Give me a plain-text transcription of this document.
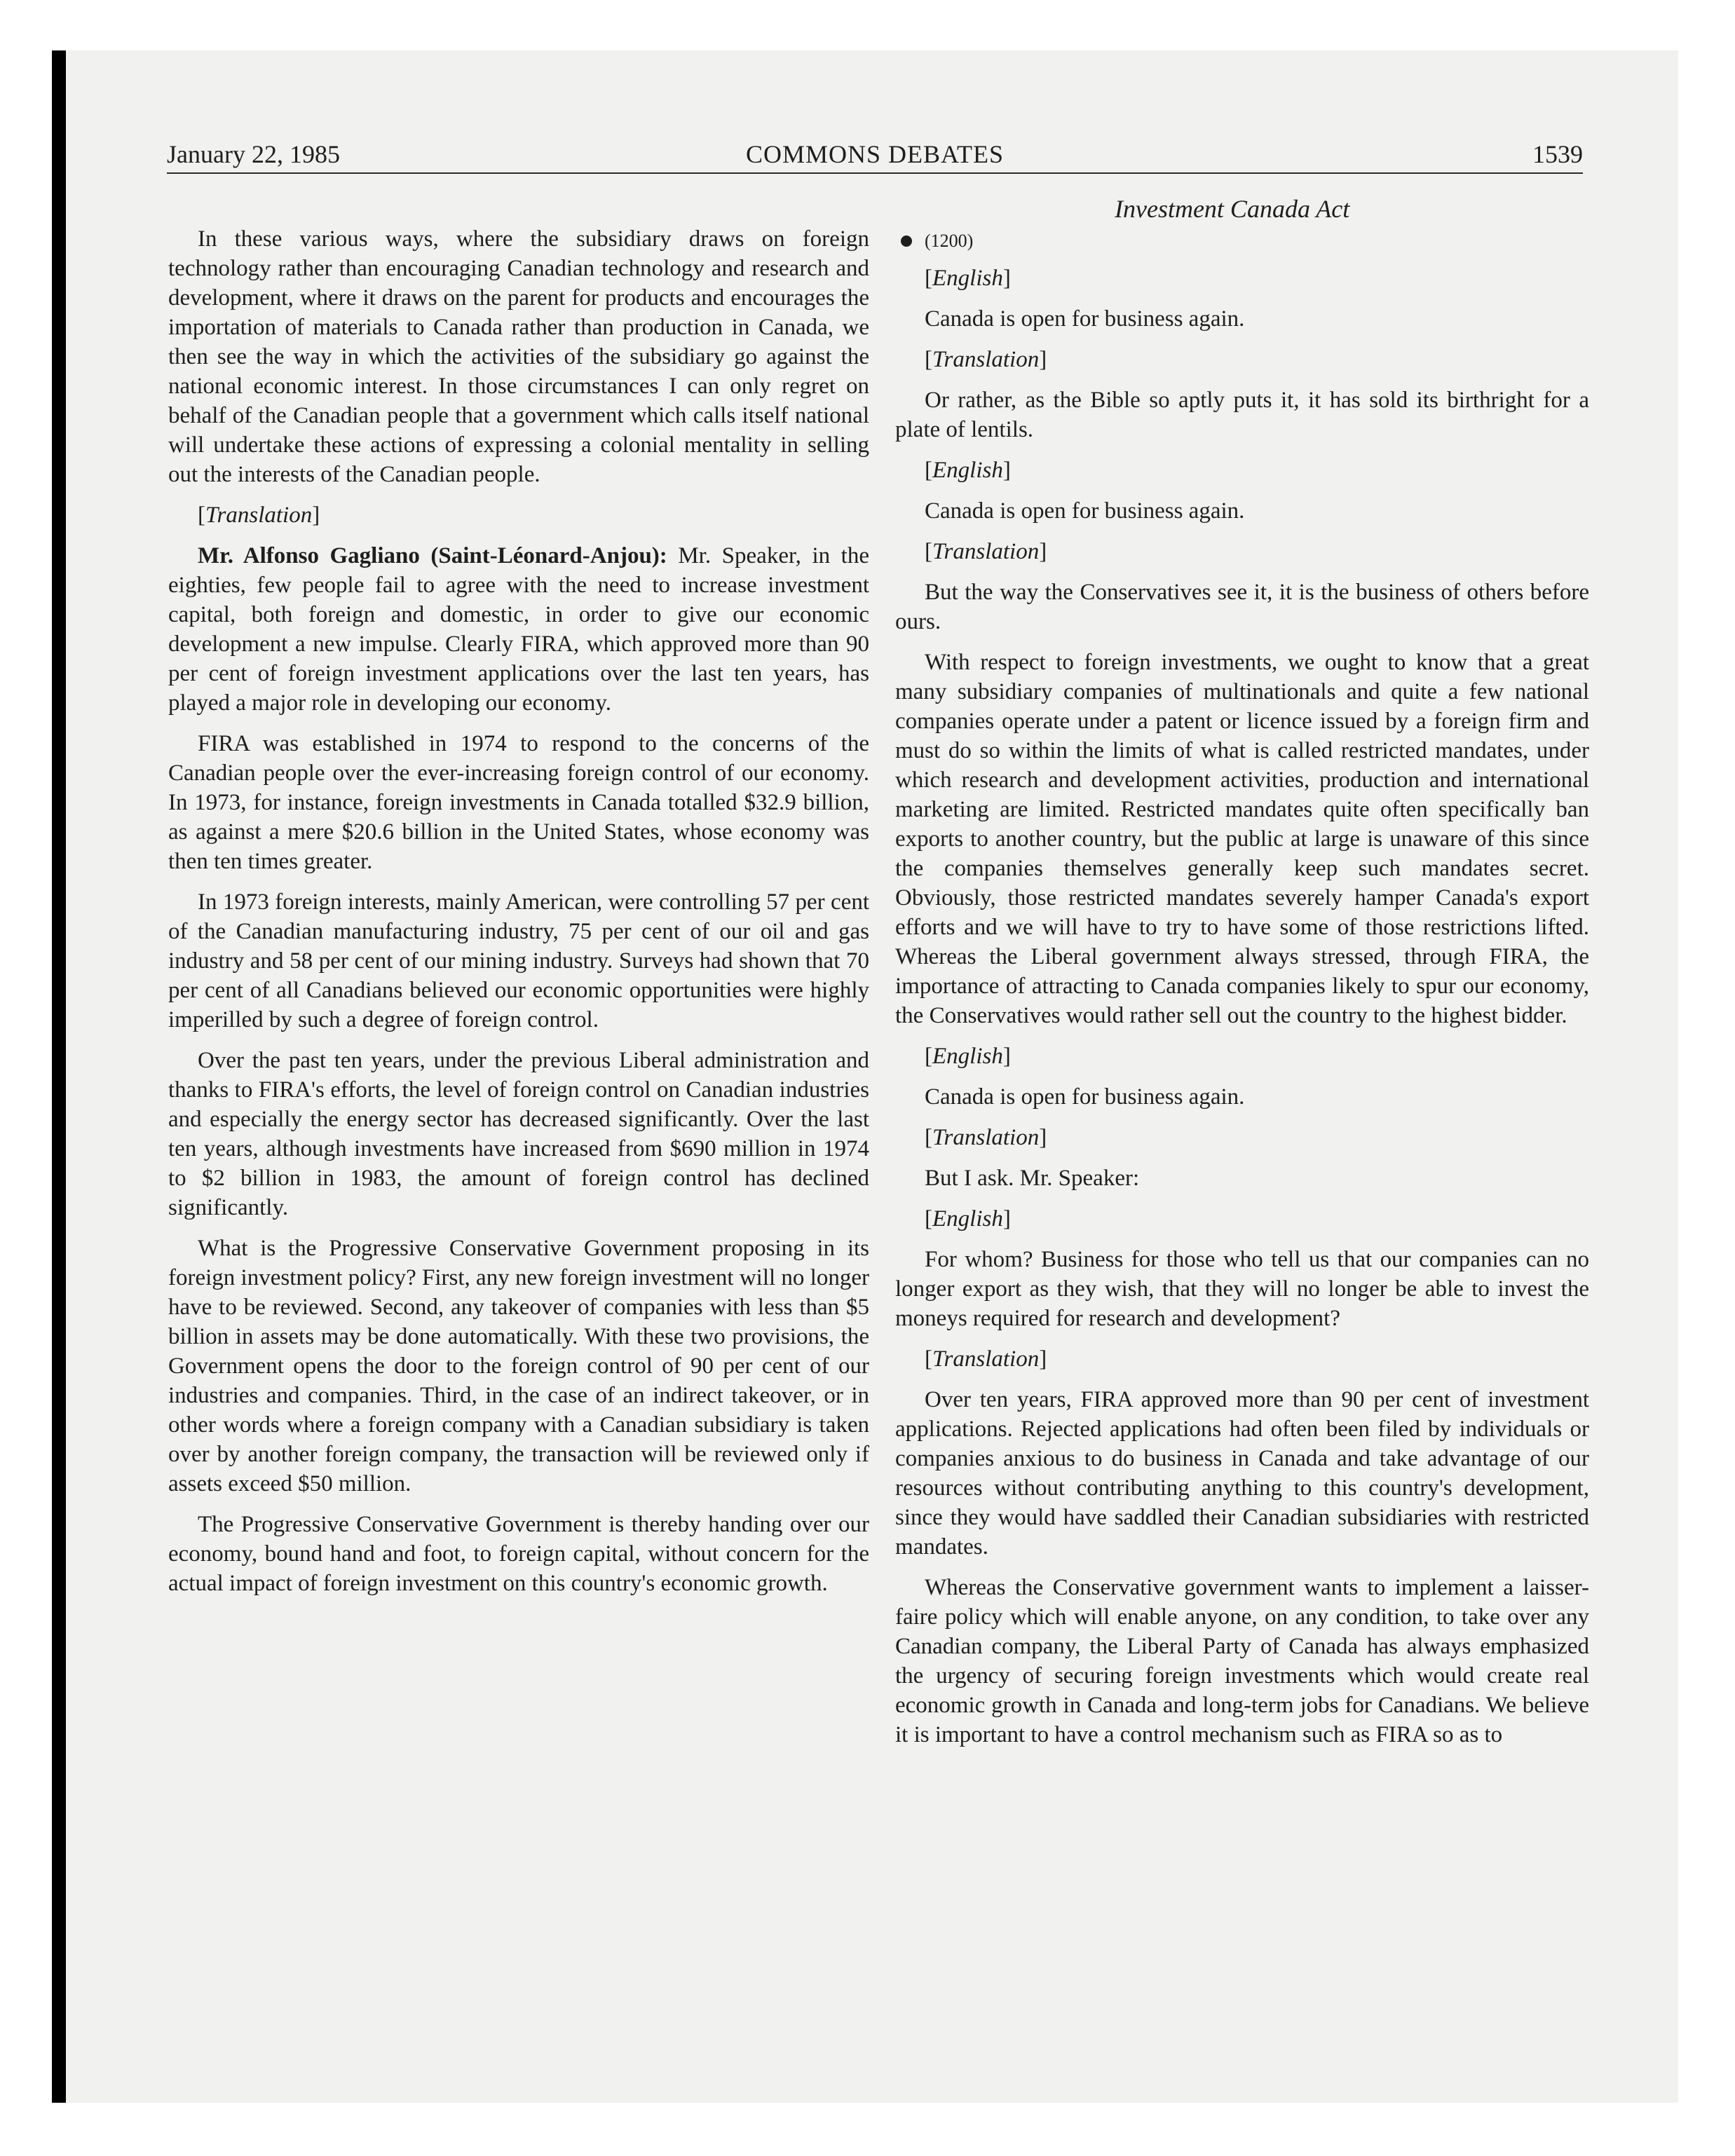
January 22, 1985	COMMONS DEBATES	1539
Investment Canada Act

In these various ways, where the subsidiary draws on foreign technology rather than encouraging Canadian technology and research and development, where it draws on the parent for products and encourages the importation of materials to Canada rather than production in Canada, we then see the way in which the activities of the subsidiary go against the national economic interest. In those circumstances I can only regret on behalf of the Canadian people that a government which calls itself national will undertake these actions of expressing a colonial mentality in selling out the interests of the Canadian people.

[Translation]

Mr. Alfonso Gagliano (Saint-Léonard-Anjou): Mr. Speaker, in the eighties, few people fail to agree with the need to increase investment capital, both foreign and domestic, in order to give our economic development a new impulse. Clearly FIRA, which approved more than 90 per cent of foreign investment applications over the last ten years, has played a major role in developing our economy.

FIRA was established in 1974 to respond to the concerns of the Canadian people over the ever-increasing foreign control of our economy. In 1973, for instance, foreign investments in Canada totalled $32.9 billion, as against a mere $20.6 billion in the United States, whose economy was then ten times greater.

In 1973 foreign interests, mainly American, were controlling 57 per cent of the Canadian manufacturing industry, 75 per cent of our oil and gas industry and 58 per cent of our mining industry. Surveys had shown that 70 per cent of all Canadians believed our economic opportunities were highly imperilled by such a degree of foreign control.

Over the past ten years, under the previous Liberal administration and thanks to FIRA's efforts, the level of foreign control on Canadian industries and especially the energy sector has decreased significantly. Over the last ten years, although investments have increased from $690 million in 1974 to $2 billion in 1983, the amount of foreign control has declined significantly.

What is the Progressive Conservative Government proposing in its foreign investment policy? First, any new foreign investment will no longer have to be reviewed. Second, any takeover of companies with less than $5 billion in assets may be done automatically. With these two provisions, the Government opens the door to the foreign control of 90 per cent of our industries and companies. Third, in the case of an indirect takeover, or in other words where a foreign company with a Canadian subsidiary is taken over by another foreign company, the transaction will be reviewed only if assets exceed $50 million.

The Progressive Conservative Government is thereby handing over our economy, bound hand and foot, to foreign capital, without concern for the actual impact of foreign investment on this country's economic growth.

(1200)

[English]

Canada is open for business again.

[Translation]

Or rather, as the Bible so aptly puts it, it has sold its birthright for a plate of lentils.

[English]

Canada is open for business again.

[Translation]

But the way the Conservatives see it, it is the business of others before ours.

With respect to foreign investments, we ought to know that a great many subsidiary companies of multinationals and quite a few national companies operate under a patent or licence issued by a foreign firm and must do so within the limits of what is called restricted mandates, under which research and development activities, production and international marketing are limited. Restricted mandates quite often specifically ban exports to another country, but the public at large is unaware of this since the companies themselves generally keep such mandates secret. Obviously, those restricted mandates severely hamper Canada's export efforts and we will have to try to have some of those restrictions lifted. Whereas the Liberal government always stressed, through FIRA, the importance of attracting to Canada companies likely to spur our economy, the Conservatives would rather sell out the country to the highest bidder.

[English]

Canada is open for business again.

[Translation]

But I ask. Mr. Speaker:

[English]

For whom? Business for those who tell us that our companies can no longer export as they wish, that they will no longer be able to invest the moneys required for research and development?

[Translation]

Over ten years, FIRA approved more than 90 per cent of investment applications. Rejected applications had often been filed by individuals or companies anxious to do business in Canada and take advantage of our resources without contributing anything to this country's development, since they would have saddled their Canadian subsidiaries with restricted mandates.

Whereas the Conservative government wants to implement a laisser-faire policy which will enable anyone, on any condition, to take over any Canadian company, the Liberal Party of Canada has always emphasized the urgency of securing foreign investments which would create real economic growth in Canada and long-term jobs for Canadians. We believe it is important to have a control mechanism such as FIRA so as to
